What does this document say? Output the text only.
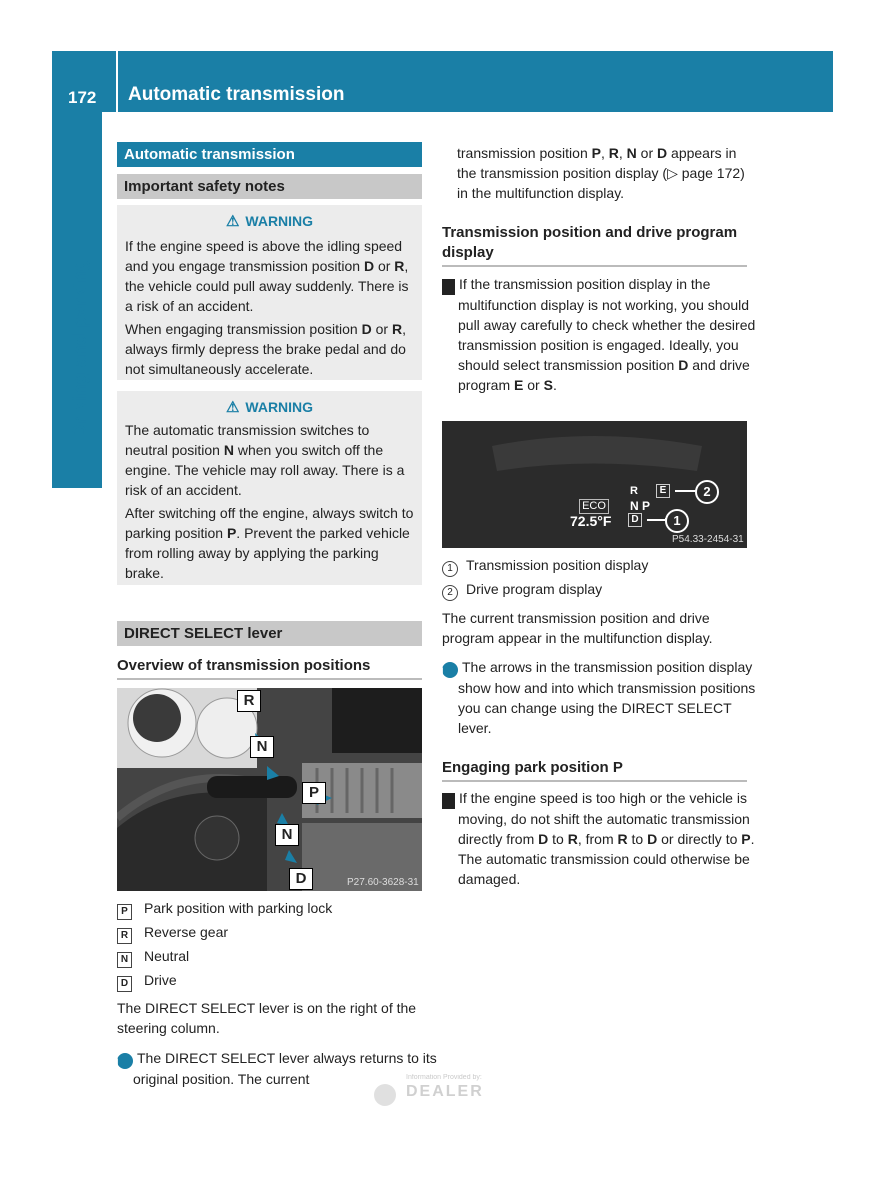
172 Automatic transmission
Driving and parking
Automatic transmission
Important safety notes
⚠ WARNING
If the engine speed is above the idling speed and you engage transmission position D or R, the vehicle could pull away suddenly. There is a risk of an accident.
When engaging transmission position D or R, always firmly depress the brake pedal and do not simultaneously accelerate.
⚠ WARNING
The automatic transmission switches to neutral position N when you switch off the engine. The vehicle may roll away. There is a risk of an accident.
After switching off the engine, always switch to parking position P. Prevent the parked vehicle from rolling away by applying the parking brake.
DIRECT SELECT lever
Overview of transmission positions
R
N
P
N
D	P27.60-3628-31
P Park position with parking lock
R Reverse gear
N Neutral
D Drive
The DIRECT SELECT lever is on the right of the steering column.
i The DIRECT SELECT lever always returns to its original position. The current
transmission position P, R, N or D appears in the transmission position display (▷ page 172) in the multifunction display.
Transmission position and drive program display
! If the transmission position display in the multifunction display is not working, you should pull away carefully to check whether the desired transmission position is engaged. Ideally, you should select transmission position D and drive program E or S.
ECO
72.5°F
R
N P
D
E	2
1
P54.33-2454-31
1 Transmission position display
2 Drive program display
The current transmission position and drive program appear in the multifunction display.
i The arrows in the transmission position display show how and into which transmission positions you can change using the DIRECT SELECT lever.
Engaging park position P
! If the engine speed is too high or the vehicle is moving, do not shift the automatic transmission directly from D to R, from R to D or directly to P. The automatic transmission could otherwise be damaged.
Information Provided by:
DEALER
